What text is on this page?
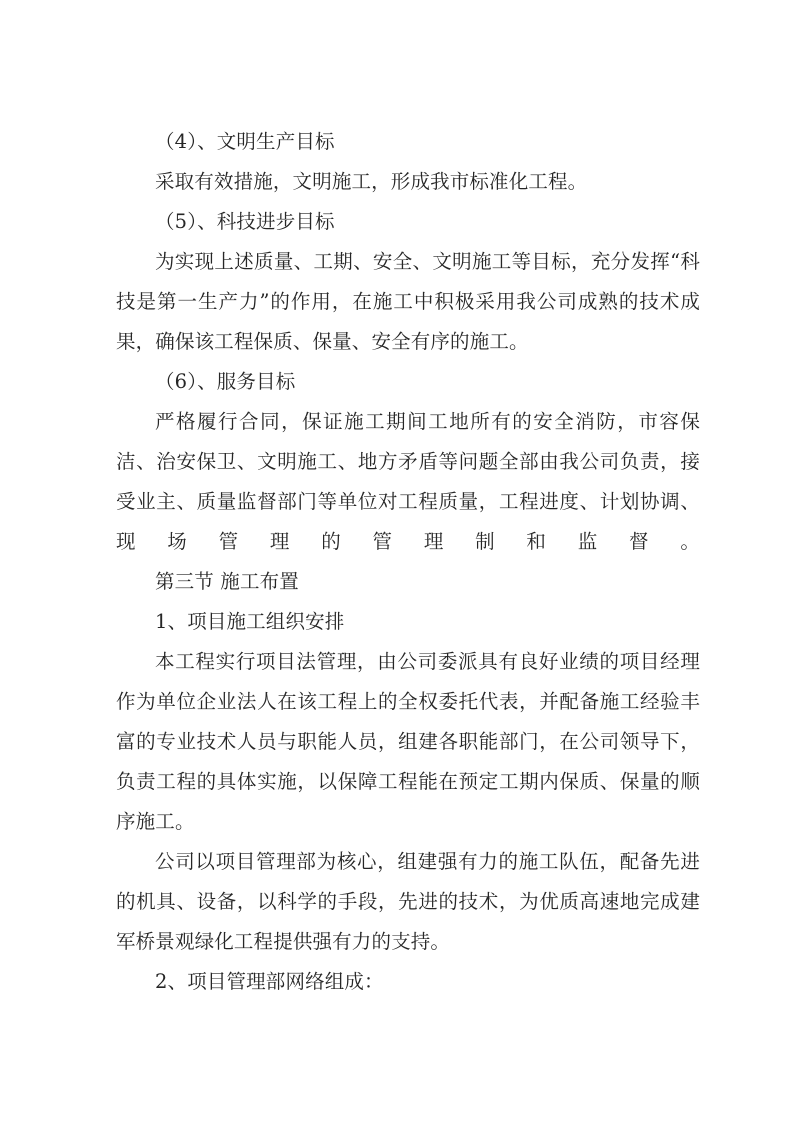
（4）、文明生产目标

采取有效措施，文明施工，形成我市标准化工程。

（5）、科技进步目标

为实现上述质量、工期、安全、文明施工等目标，充分发挥“科技是第一生产力”的作用，在施工中积极采用我公司成熟的技术成果，确保该工程保质、保量、安全有序的施工。

（6）、服务目标

严格履行合同，保证施工期间工地所有的安全消防，市容保洁、治安保卫、文明施工、地方矛盾等问题全部由我公司负责，接受业主、质量监督部门等单位对工程质量，工程进度、计划协调、现场管理的管理制和监督。

第三节 施工布置

1、项目施工组织安排

本工程实行项目法管理，由公司委派具有良好业绩的项目经理作为单位企业法人在该工程上的全权委托代表，并配备施工经验丰富的专业技术人员与职能人员，组建各职能部门，在公司领导下，负责工程的具体实施，以保障工程能在预定工期内保质、保量的顺序施工。

公司以项目管理部为核心，组建强有力的施工队伍，配备先进的机具、设备，以科学的手段，先进的技术，为优质高速地完成建军桥景观绿化工程提供强有力的支持。

2、项目管理部网络组成：
